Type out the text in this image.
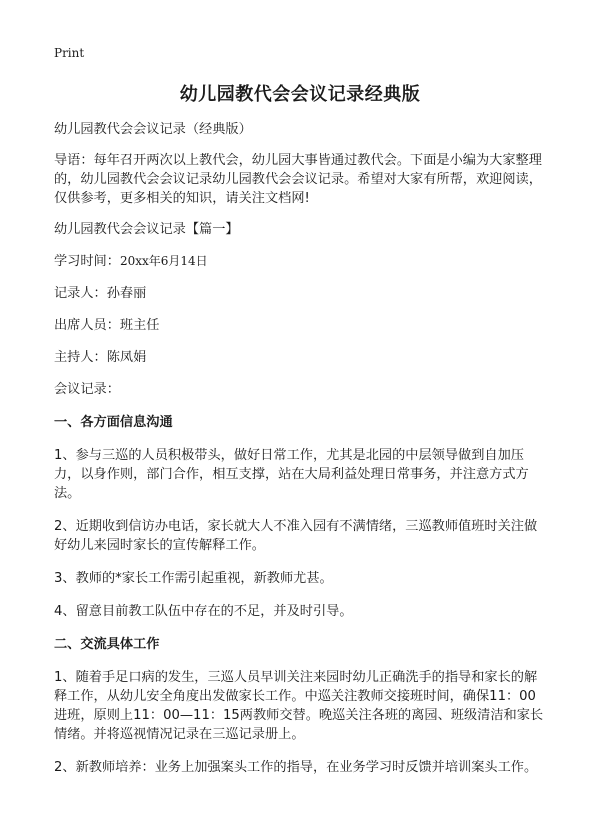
Print
幼儿园教代会会议记录经典版

幼儿园教代会会议记录（经典版）

导语：每年召开两次以上教代会，幼儿园大事皆通过教代会。下面是小编为大家整理的，幼儿园教代会会议记录幼儿园教代会会议记录。希望对大家有所帮，欢迎阅读，仅供参考，更多相关的知识，请关注文档网!

幼儿园教代会会议记录【篇一】

学习时间：20xx年6月14日

记录人：孙春丽

出席人员：班主任

主持人：陈凤娟

会议记录：

一、各方面信息沟通

1、参与三巡的人员积极带头，做好日常工作，尤其是北园的中层领导做到自加压力，以身作则，部门合作，相互支撑，站在大局利益处理日常事务，并注意方式方法。

2、近期收到信访办电话，家长就大人不准入园有不满情绪，三巡教师值班时关注做好幼儿来园时家长的宣传解释工作。

3、教师的*家长工作需引起重视，新教师尤甚。

4、留意目前教工队伍中存在的不足，并及时引导。

二、交流具体工作

1、随着手足口病的发生，三巡人员早训关注来园时幼儿正确洗手的指导和家长的解释工作，从幼儿安全角度出发做家长工作。中巡关注教师交接班时间，确保11：00进班，原则上11：00—11：15两教师交替。晚巡关注各班的离园、班级清洁和家长情绪。并将巡视情况记录在三巡记录册上。

2、新教师培养：业务上加强案头工作的指导，在业务学习时反馈并培训案头工作。
